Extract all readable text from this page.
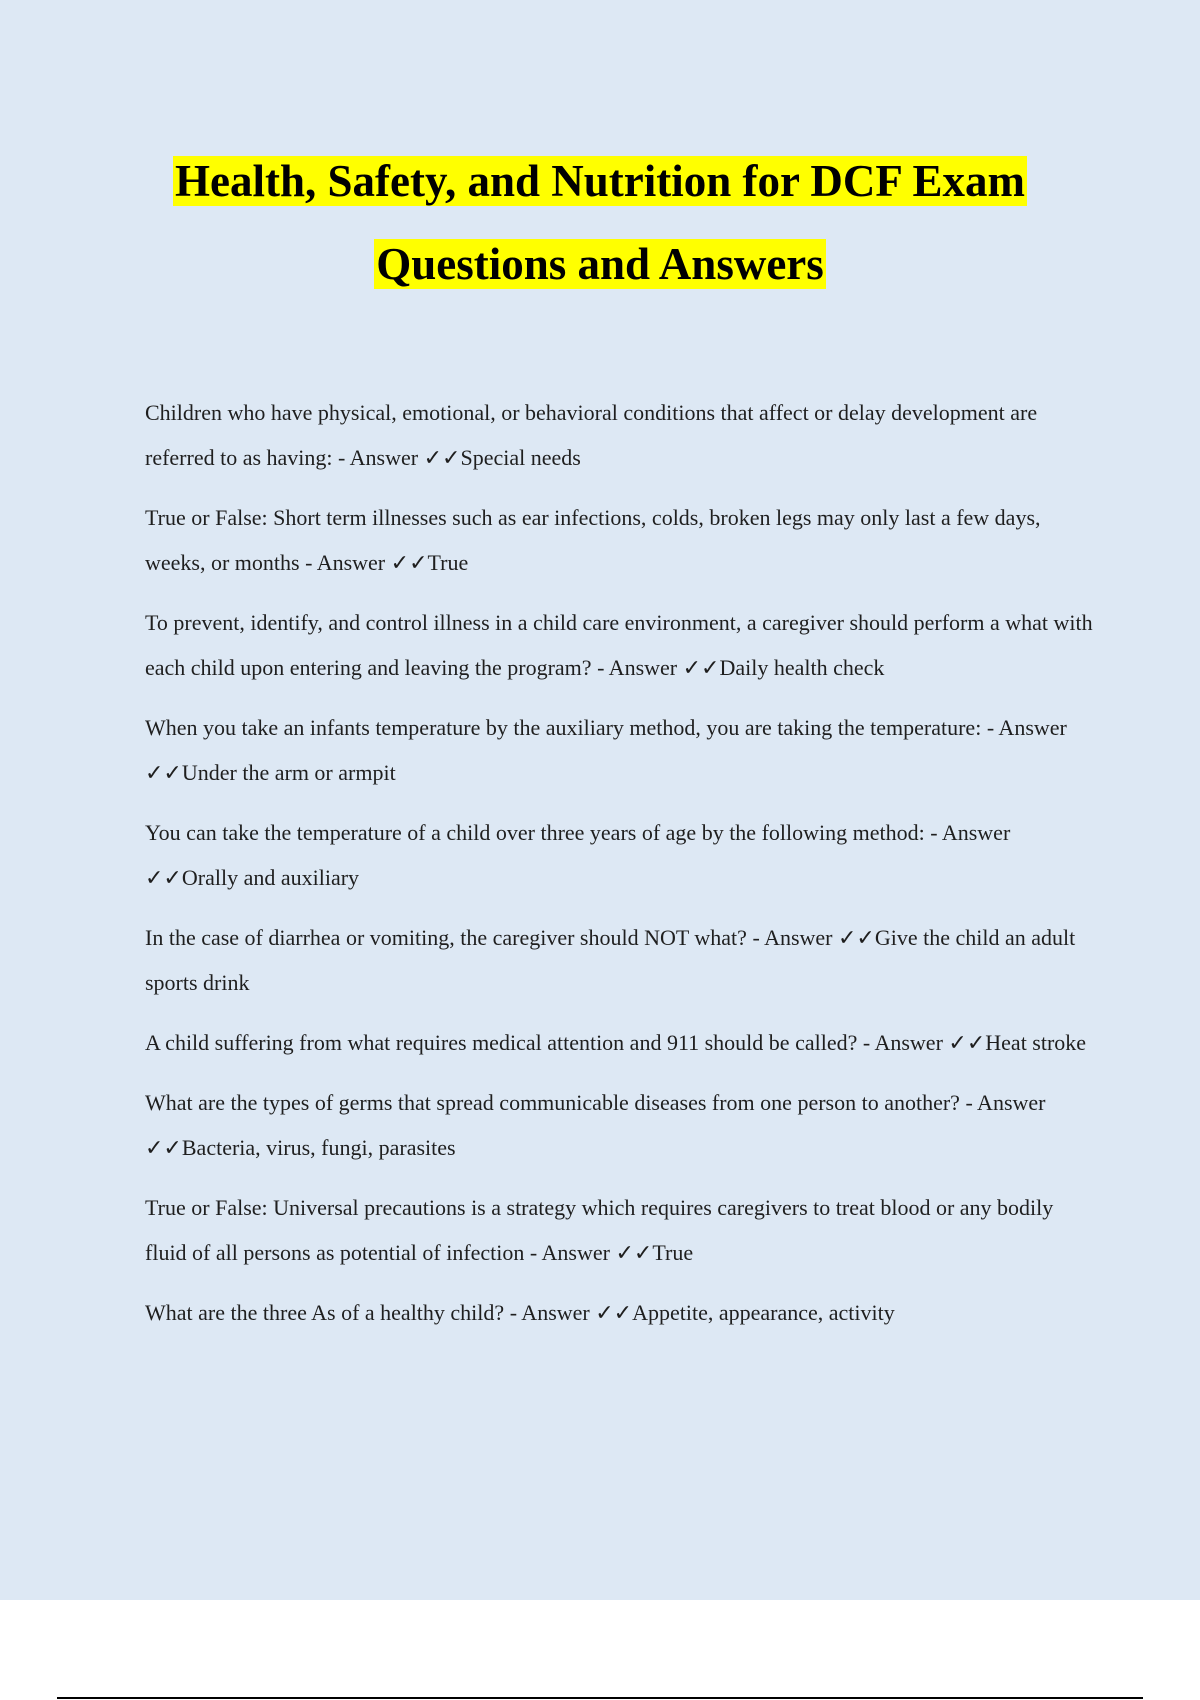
Health, Safety, and Nutrition for DCF Exam
Questions and Answers

Children who have physical, emotional, or behavioral conditions that affect or delay development are referred to as having: - Answer ✓✓Special needs

True or False: Short term illnesses such as ear infections, colds, broken legs may only last a few days, weeks, or months - Answer ✓✓True

To prevent, identify, and control illness in a child care environment, a caregiver should perform a what with each child upon entering and leaving the program? - Answer ✓✓Daily health check

When you take an infants temperature by the auxiliary method, you are taking the temperature: - Answer ✓✓Under the arm or armpit

You can take the temperature of a child over three years of age by the following method: - Answer ✓✓Orally and auxiliary

In the case of diarrhea or vomiting, the caregiver should NOT what? - Answer ✓✓Give the child an adult sports drink

A child suffering from what requires medical attention and 911 should be called? - Answer ✓✓Heat stroke

What are the types of germs that spread communicable diseases from one person to another? - Answer ✓✓Bacteria, virus, fungi, parasites

True or False: Universal precautions is a strategy which requires caregivers to treat blood or any bodily fluid of all persons as potential of infection - Answer ✓✓True

What are the three As of a healthy child? - Answer ✓✓Appetite, appearance, activity
